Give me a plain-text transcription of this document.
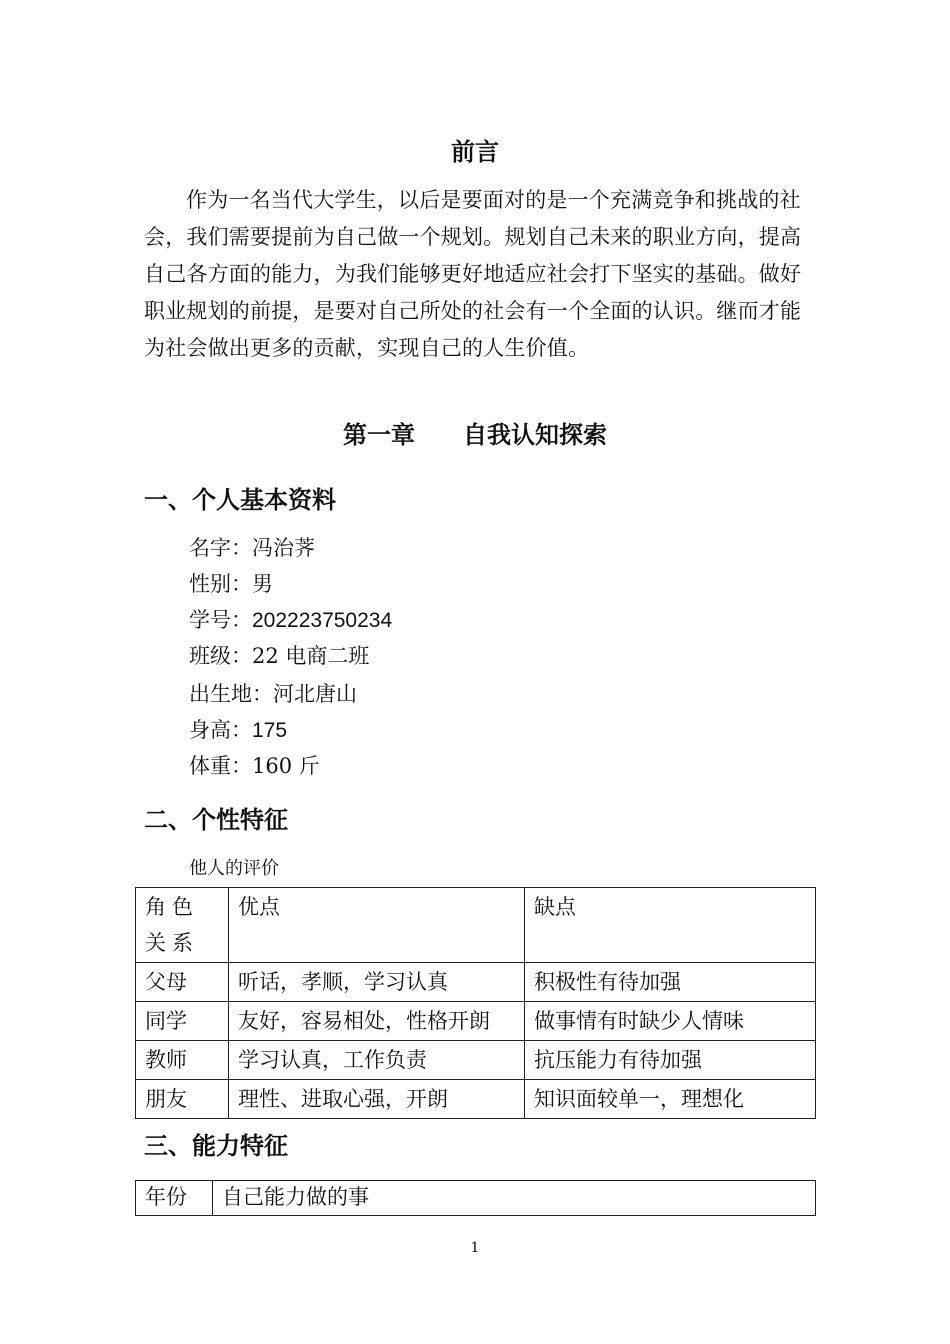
前言
作为一名当代大学生，以后是要面对的是一个充满竞争和挑战的社会，我们需要提前为自己做一个规划。规划自己未来的职业方向，提高自己各方面的能力，为我们能够更好地适应社会打下坚实的基础。做好职业规划的前提，是要对自己所处的社会有一个全面的认识。继而才能为社会做出更多的贡献，实现自己的人生价值。
第一章　　自我认知探索
一、个人基本资料
名字：冯治荠
性别：男
学号：202223750234
班级：22 电商二班
出生地：河北唐山
身高：175
体重：160 斤
二、个性特征
他人的评价
角色关系	优点	缺点
父母	听话，孝顺，学习认真	积极性有待加强
同学	友好，容易相处，性格开朗	做事情有时缺少人情味
教师	学习认真，工作负责	抗压能力有待加强
朋友	理性、进取心强，开朗	知识面较单一，理想化
三、能力特征
年份	自己能力做的事
1
